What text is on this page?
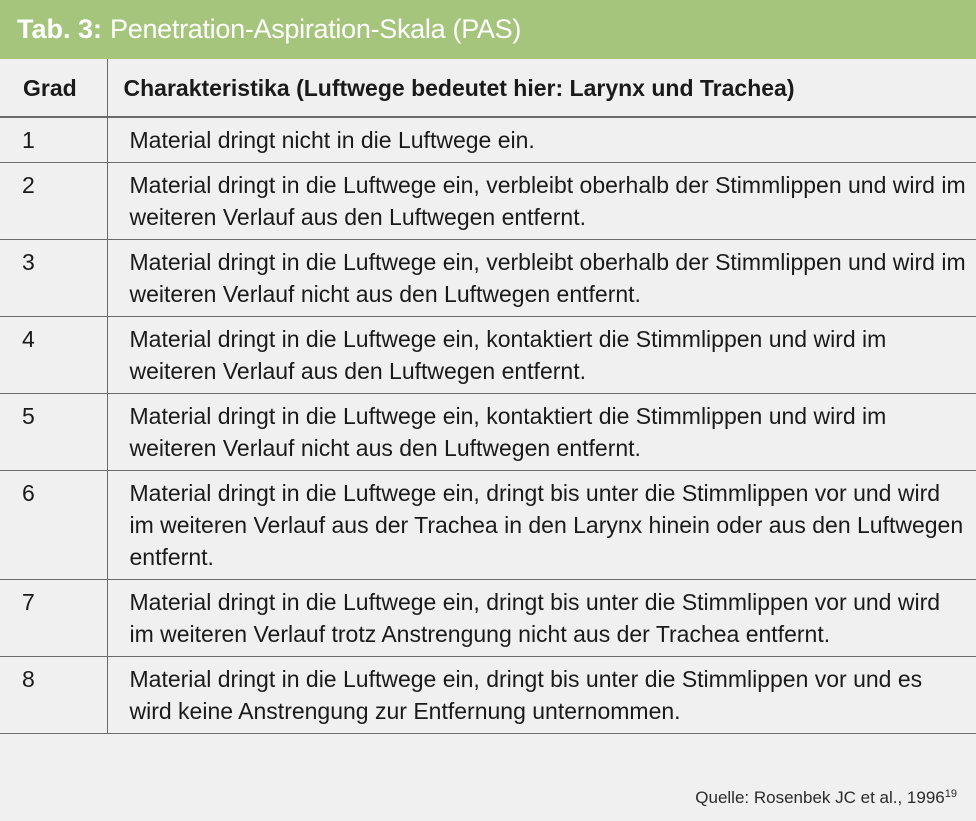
Tab. 3: Penetration-Aspiration-Skala (PAS)
Grad	Charakteristika (Luftwege bedeutet hier: Larynx und Trachea)
1	Material dringt nicht in die Luftwege ein.
2	Material dringt in die Luftwege ein, verbleibt oberhalb der Stimmlippen und wird im weiteren Verlauf aus den Luftwegen entfernt.
3	Material dringt in die Luftwege ein, verbleibt oberhalb der Stimmlippen und wird im weiteren Verlauf nicht aus den Luftwegen entfernt.
4	Material dringt in die Luftwege ein, kontaktiert die Stimmlippen und wird im weiteren Verlauf aus den Luftwegen entfernt.
5	Material dringt in die Luftwege ein, kontaktiert die Stimmlippen und wird im weiteren Verlauf nicht aus den Luftwegen entfernt.
6	Material dringt in die Luftwege ein, dringt bis unter die Stimmlippen vor und wird im weiteren Verlauf aus der Trachea in den Larynx hinein oder aus den Luftwegen entfernt.
7	Material dringt in die Luftwege ein, dringt bis unter die Stimmlippen vor und wird im weiteren Verlauf trotz Anstrengung nicht aus der Trachea entfernt.
8	Material dringt in die Luftwege ein, dringt bis unter die Stimmlippen vor und es wird keine Anstrengung zur Entfernung unternommen.
Quelle: Rosenbek JC et al., 1996$^{19}$
